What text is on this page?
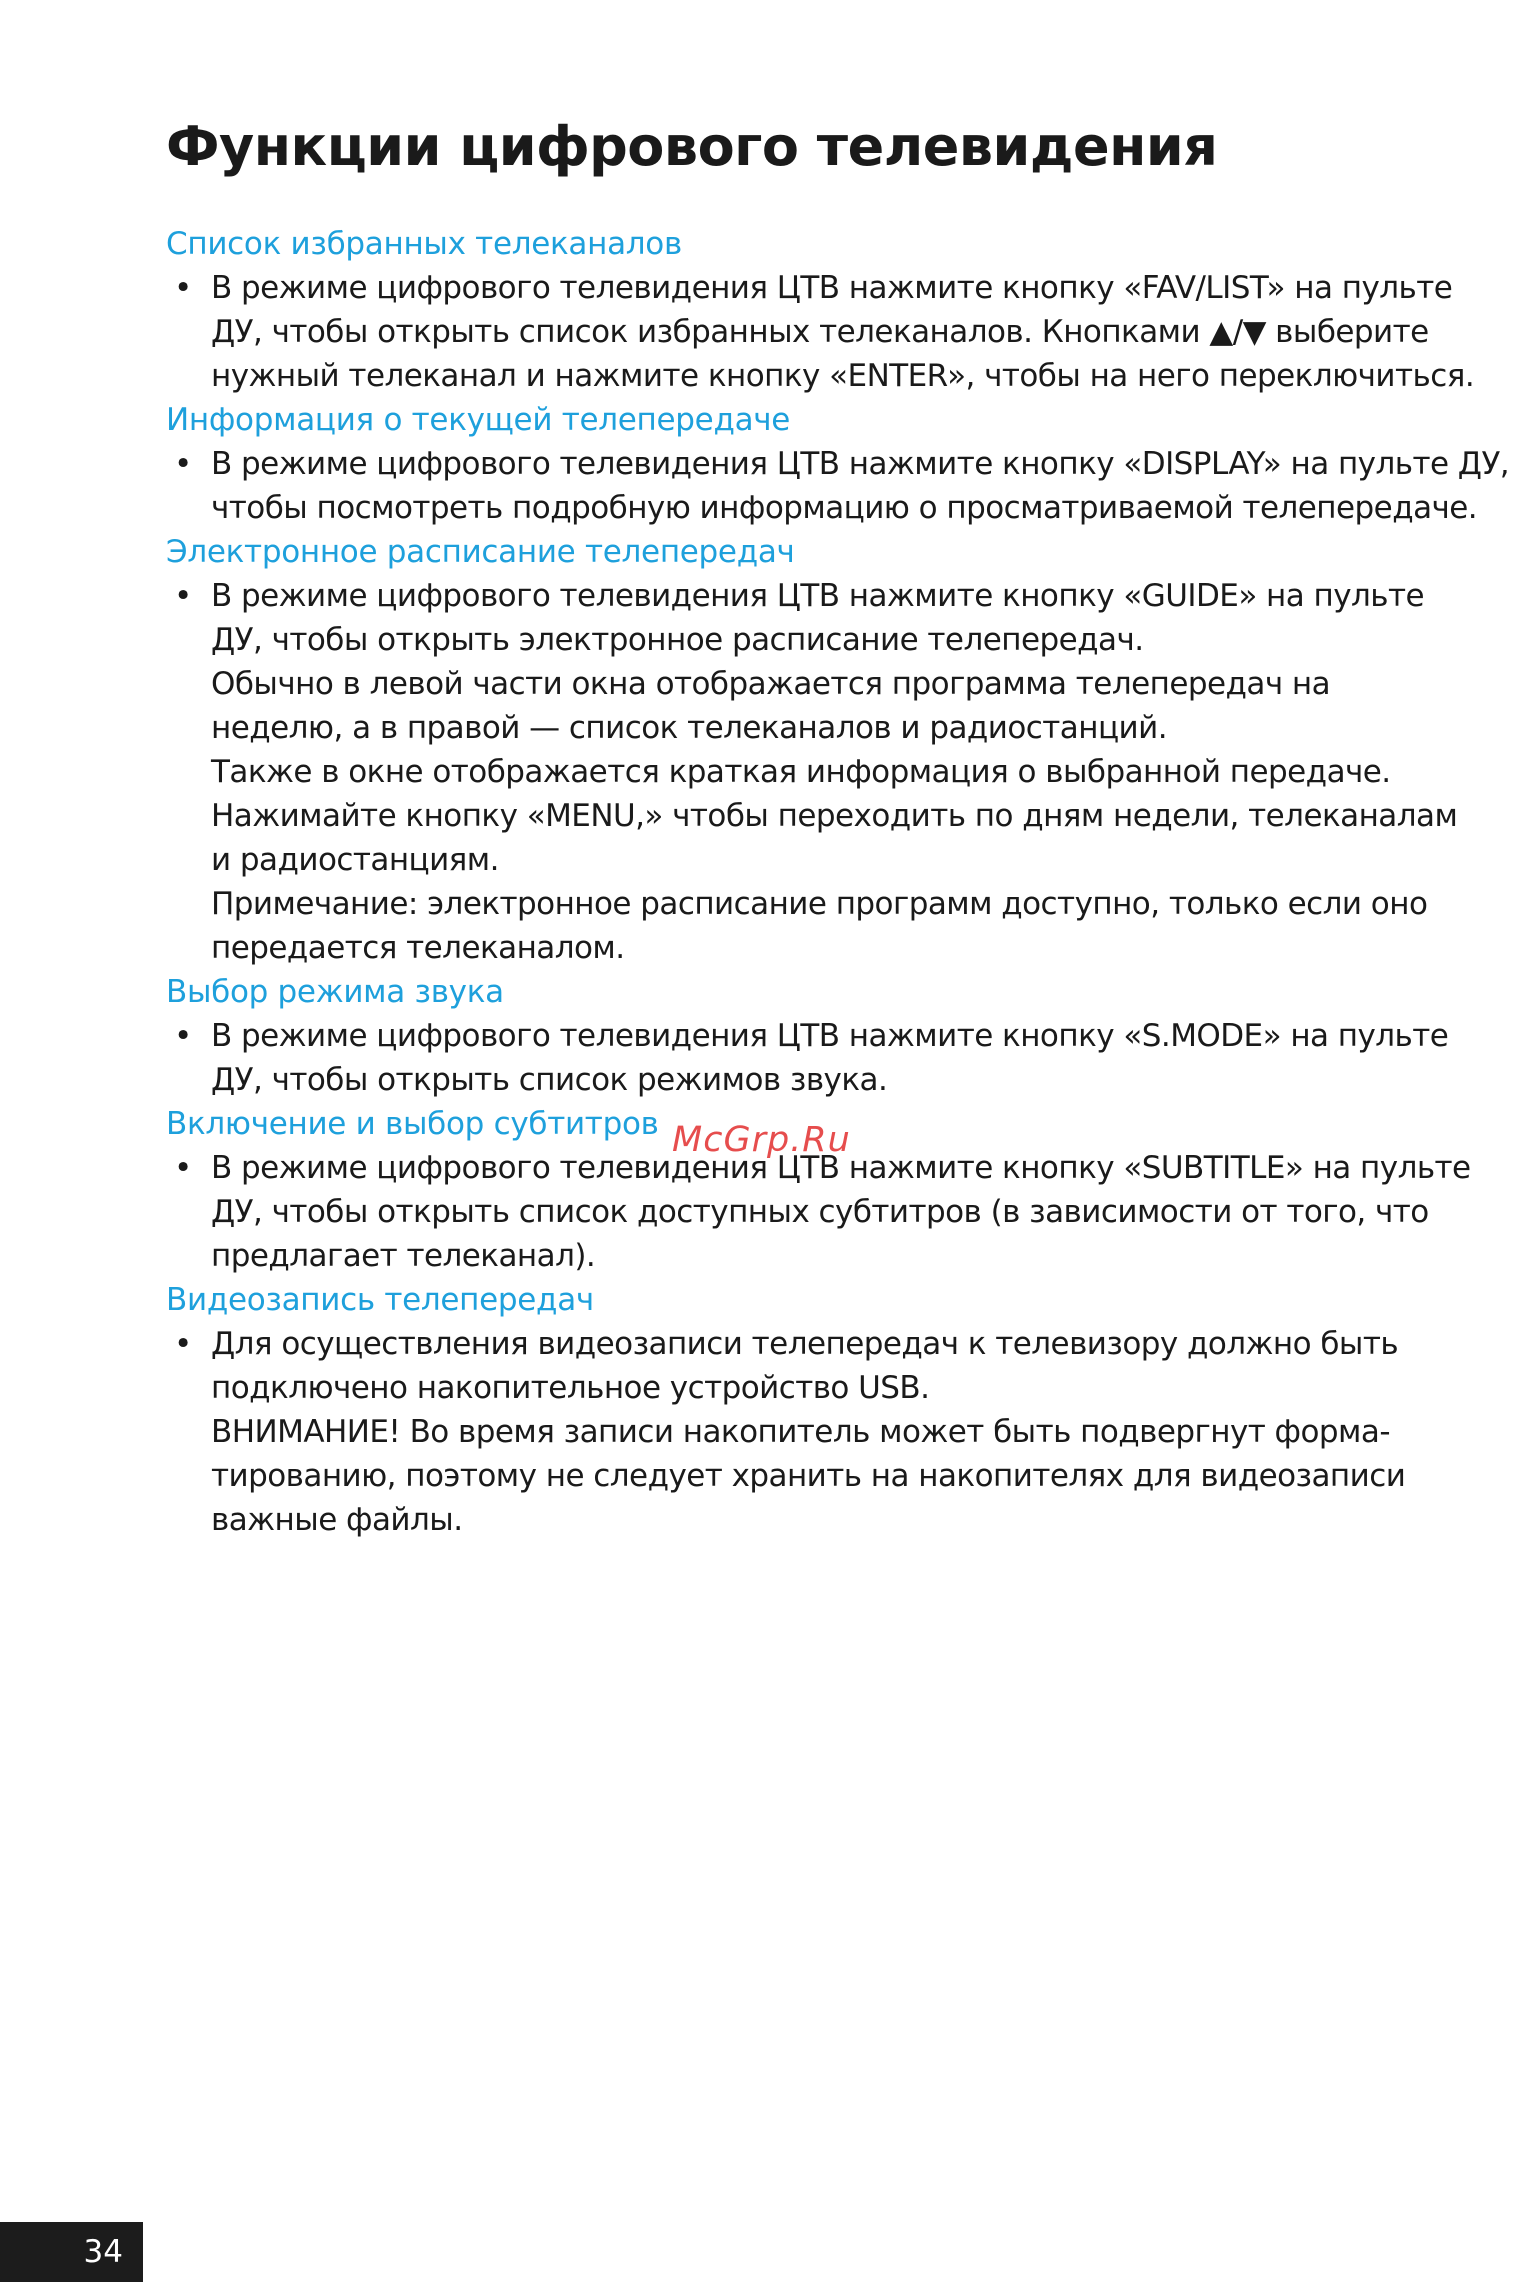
Функции цифрового телевидения
Список избранных телеканалов
• В режиме цифрового телевидения ЦТВ нажмите кнопку «FAV/LIST» на пульте
ДУ, чтобы открыть список избранных телеканалов. Кнопками ▲/▼ выберите
нужный телеканал и нажмите кнопку «ENTER», чтобы на него переключиться.
Информация о текущей телепередаче
• В режиме цифрового телевидения ЦТВ нажмите кнопку «DISPLAY» на пульте ДУ,
чтобы посмотреть подробную информацию о просматриваемой телепередаче.
Электронное расписание телепередач
• В режиме цифрового телевидения ЦТВ нажмите кнопку «GUIDE» на пульте
ДУ, чтобы открыть электронное расписание телепередач.
Обычно в левой части окна отображается программа телепередач на
неделю, а в правой — список телеканалов и радиостанций.
Также в окне отображается краткая информация о выбранной передаче.
Нажимайте кнопку «MENU,» чтобы переходить по дням недели, телеканалам
и радиостанциям.
Примечание: электронное расписание программ доступно, только если оно
передается телеканалом.
Выбор режима звука
• В режиме цифрового телевидения ЦТВ нажмите кнопку «S.MODE» на пульте
ДУ, чтобы открыть список режимов звука.
Включение и выбор субтитров
• В режиме цифрового телевидения ЦТВ нажмите кнопку «SUBTITLE» на пульте
ДУ, чтобы открыть список доступных субтитров (в зависимости от того, что
предлагает телеканал).
Видеозапись телепередач
• Для осуществления видеозаписи телепередач к телевизору должно быть
подключено накопительное устройство USB.
ВНИМАНИЕ! Во время записи накопитель может быть подвергнут форма-
тированию, поэтому не следует хранить на накопителях для видеозаписи
важные файлы.
McGrp.Ru
34
